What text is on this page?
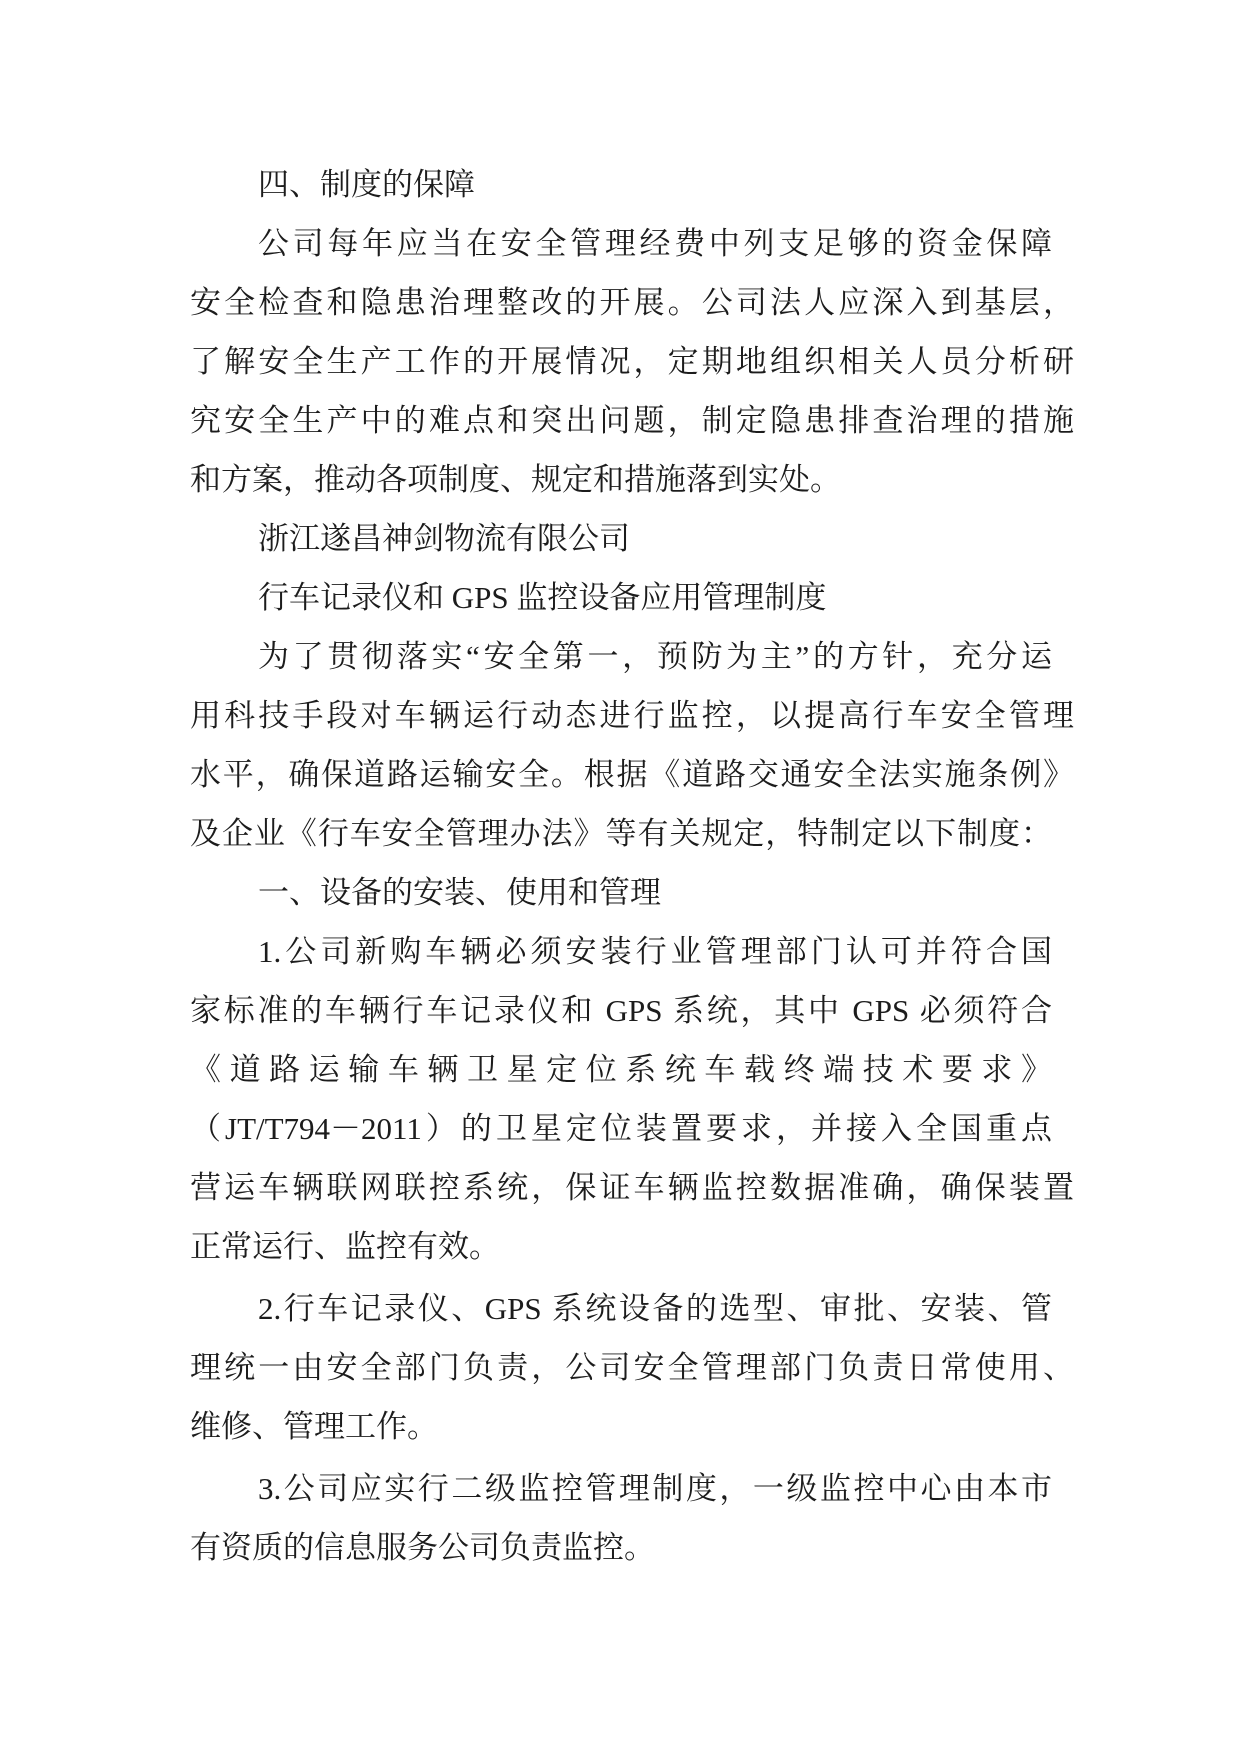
四、制度的保障
公司每年应当在安全管理经费中列支足够的资金保障
安全检查和隐患治理整改的开展。公司法人应深入到基层，
了解安全生产工作的开展情况，定期地组织相关人员分析研
究安全生产中的难点和突出问题，制定隐患排查治理的措施
和方案，推动各项制度、规定和措施落到实处。
浙江遂昌神剑物流有限公司
行车记录仪和 GPS 监控设备应用管理制度
为了贯彻落实“安全第一，预防为主”的方针，充分运
用科技手段对车辆运行动态进行监控，以提高行车安全管理
水平，确保道路运输安全。根据《道路交通安全法实施条例》
及企业《行车安全管理办法》等有关规定，特制定以下制度：
一、设备的安装、使用和管理
1.公司新购车辆必须安装行业管理部门认可并符合国
家标准的车辆行车记录仪和 GPS 系统，其中 GPS 必须符合
《道路运输车辆卫星定位系统车载终端技术要求》
（JT/T794－2011）的卫星定位装置要求，并接入全国重点
营运车辆联网联控系统，保证车辆监控数据准确，确保装置
正常运行、监控有效。
2.行车记录仪、GPS 系统设备的选型、审批、安装、管
理统一由安全部门负责，公司安全管理部门负责日常使用、
维修、管理工作。
3.公司应实行二级监控管理制度，一级监控中心由本市
有资质的信息服务公司负责监控。
